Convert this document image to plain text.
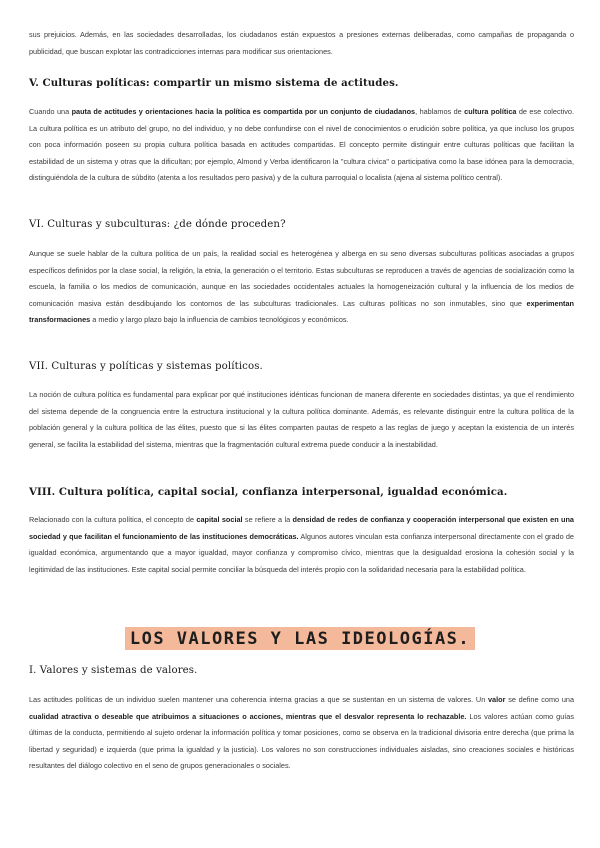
sus prejuicios. Además, en las sociedades desarrolladas, los ciudadanos están expuestos a presiones externas deliberadas, como campañas de propaganda o publicidad, que buscan explotar las contradicciones internas para modificar sus orientaciones.

V. Culturas políticas: compartir un mismo sistema de actitudes.

Cuando una pauta de actitudes y orientaciones hacia la política es compartida por un conjunto de ciudadanos, hablamos de cultura política de ese colectivo. La cultura política es un atributo del grupo, no del individuo, y no debe confundirse con el nivel de conocimientos o erudición sobre política, ya que incluso los grupos con poca información poseen su propia cultura política basada en actitudes compartidas. El concepto permite distinguir entre culturas políticas que facilitan la estabilidad de un sistema y otras que la dificultan; por ejemplo, Almond y Verba identificaron la "cultura cívica" o participativa como la base idónea para la democracia, distinguiéndola de la cultura de súbdito (atenta a los resultados pero pasiva) y de la cultura parroquial o localista (ajena al sistema político central).

VI. Culturas y subculturas: ¿de dónde proceden?

Aunque se suele hablar de la cultura política de un país, la realidad social es heterogénea y alberga en su seno diversas subculturas políticas asociadas a grupos específicos definidos por la clase social, la religión, la etnia, la generación o el territorio. Estas subculturas se reproducen a través de agencias de socialización como la escuela, la familia o los medios de comunicación, aunque en las sociedades occidentales actuales la homogeneización cultural y la influencia de los medios de comunicación masiva están desdibujando los contornos de las subculturas tradicionales. Las culturas políticas no son inmutables, sino que experimentan transformaciones a medio y largo plazo bajo la influencia de cambios tecnológicos y económicos.

VII. Culturas y políticas y sistemas políticos.

La noción de cultura política es fundamental para explicar por qué instituciones idénticas funcionan de manera diferente en sociedades distintas, ya que el rendimiento del sistema depende de la congruencia entre la estructura institucional y la cultura política dominante. Además, es relevante distinguir entre la cultura política de la población general y la cultura política de las élites, puesto que si las élites comparten pautas de respeto a las reglas de juego y aceptan la existencia de un interés general, se facilita la estabilidad del sistema, mientras que la fragmentación cultural extrema puede conducir a la inestabilidad.

VIII. Cultura política, capital social, confianza interpersonal, igualdad económica.

Relacionado con la cultura política, el concepto de capital social se refiere a la densidad de redes de confianza y cooperación interpersonal que existen en una sociedad y que facilitan el funcionamiento de las instituciones democráticas. Algunos autores vinculan esta confianza interpersonal directamente con el grado de igualdad económica, argumentando que a mayor igualdad, mayor confianza y compromiso cívico, mientras que la desigualdad erosiona la cohesión social y la legitimidad de las instituciones. Este capital social permite conciliar la búsqueda del interés propio con la solidaridad necesaria para la estabilidad política.

I. Valores y sistemas de valores.

Las actitudes políticas de un individuo suelen mantener una coherencia interna gracias a que se sustentan en un sistema de valores. Un valor se define como una cualidad atractiva o deseable que atribuimos a situaciones o acciones, mientras que el desvalor representa lo rechazable. Los valores actúan como guías últimas de la conducta, permitiendo al sujeto ordenar la información política y tomar posiciones, como se observa en la tradicional divisoria entre derecha (que prima la libertad y seguridad) e izquierda (que prima la igualdad y la justicia). Los valores no son construcciones individuales aisladas, sino creaciones sociales e históricas resultantes del diálogo colectivo en el seno de grupos generacionales o sociales.

LOS VALORES Y LAS IDEOLOGÍAS.
